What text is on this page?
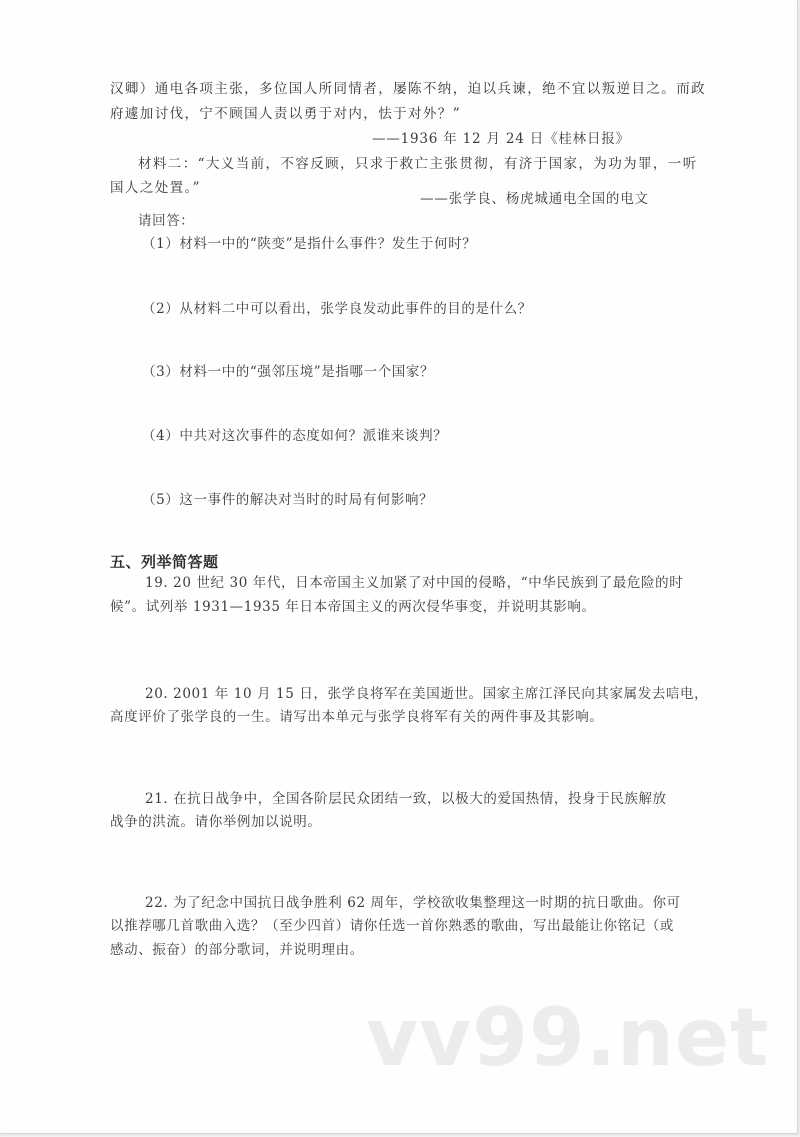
汉卿）通电各项主张，多位国人所同情者，屡陈不纳，迫以兵谏，绝不宜以叛逆目之。而政
府遽加讨伐，宁不顾国人责以勇于对内，怯于对外？”
——1936 年 12 月 24 日《桂林日报》
材料二：“大义当前，不容反顾，只求于救亡主张贯彻，有济于国家，为功为罪，一听
国人之处置。”
——张学良、杨虎城通电全国的电文
请回答：
（1）材料一中的“陕变”是指什么事件？发生于何时？
（2）从材料二中可以看出，张学良发动此事件的目的是什么？
（3）材料一中的“强邻压境”是指哪一个国家？
（4）中共对这次事件的态度如何？派谁来谈判？
（5）这一事件的解决对当时的时局有何影响？
五、列举简答题
19. 20 世纪 30 年代，日本帝国主义加紧了对中国的侵略，“中华民族到了最危险的时
候”。试列举 1931—1935 年日本帝国主义的两次侵华事变，并说明其影响。
20. 2001 年 10 月 15 日，张学良将军在美国逝世。国家主席江泽民向其家属发去唁电，
高度评价了张学良的一生。请写出本单元与张学良将军有关的两件事及其影响。
21. 在抗日战争中，全国各阶层民众团结一致，以极大的爱国热情，投身于民族解放
战争的洪流。请你举例加以说明。
22. 为了纪念中国抗日战争胜利 62 周年，学校欲收集整理这一时期的抗日歌曲。你可
以推荐哪几首歌曲入选？（至少四首）请你任选一首你熟悉的歌曲，写出最能让你铭记（或
感动、振奋）的部分歌词，并说明理由。
vv99.net
